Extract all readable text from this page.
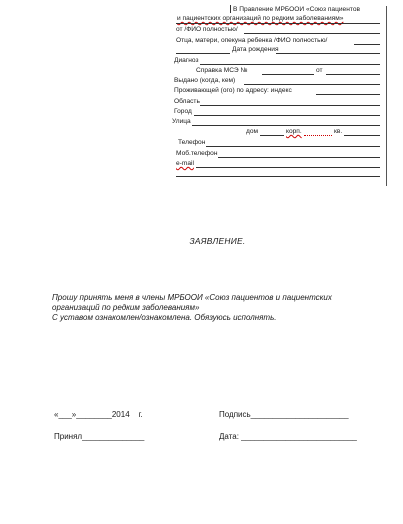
В Правление МРБООИ «Союз пациентов
и пациентских организаций по редким заболеваниям»
от /ФИО полностью/
Отца, матери, опекуна ребенка /ФИО полностью/
Дата рождения
Диагноз
Справка МСЭ №	от
Выдано (когда, кем)
Проживающей (ого) по адресу: индекс
Область
Город
Улица
дом	корп.	кв.
Телефон
Моб.телефон
e-mail
ЗАЯВЛЕНИЕ.
Прошу принять меня в члены МРБООИ «Союз пациентов и пациентских
организаций по редким заболеваниям»
С уставом ознакомлен/ознакомлена. Обязуюсь исполнять.
«___»________2014 г.	Подпись______________________
Принял______________	Дата: __________________________
